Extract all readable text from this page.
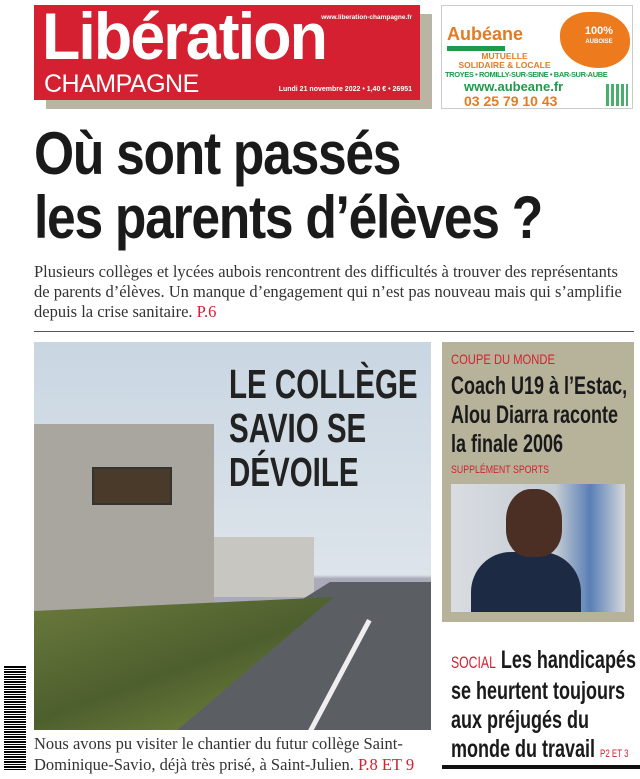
Libération
CHAMPAGNE
www.liberation-champagne.fr
Lundi 21 novembre 2022 • 1,40 € • 26951
Aubéane
MUTUELLE
SOLIDAIRE & LOCALE
100%
AUBOISE
TROYES • ROMILLY-SUR-SEINE • BAR-SUR-AUBE
www.aubeane.fr
03 25 79 10 43
Où sont passés
les parents d’élèves ?
Plusieurs collèges et lycées aubois rencontrent des difficultés à trouver des représentants de parents d’élèves. Un manque d’engagement qui n’est pas nouveau mais qui s’amplifie depuis la crise sanitaire. P.6
LE COLLÈGE
SAVIO SE
DÉVOILE
Nous avons pu visiter le chantier du futur collège Saint-Dominique-Savio, déjà très prisé, à Saint-Julien. P.8 ET 9
COUPE DU MONDE
Coach U19 à l’Estac,
Alou Diarra raconte
la finale 2006
SUPPLÉMENT SPORTS
SOCIAL Les handicapés
se heurtent toujours
aux préjugés du
monde du travail P2 ET 3
